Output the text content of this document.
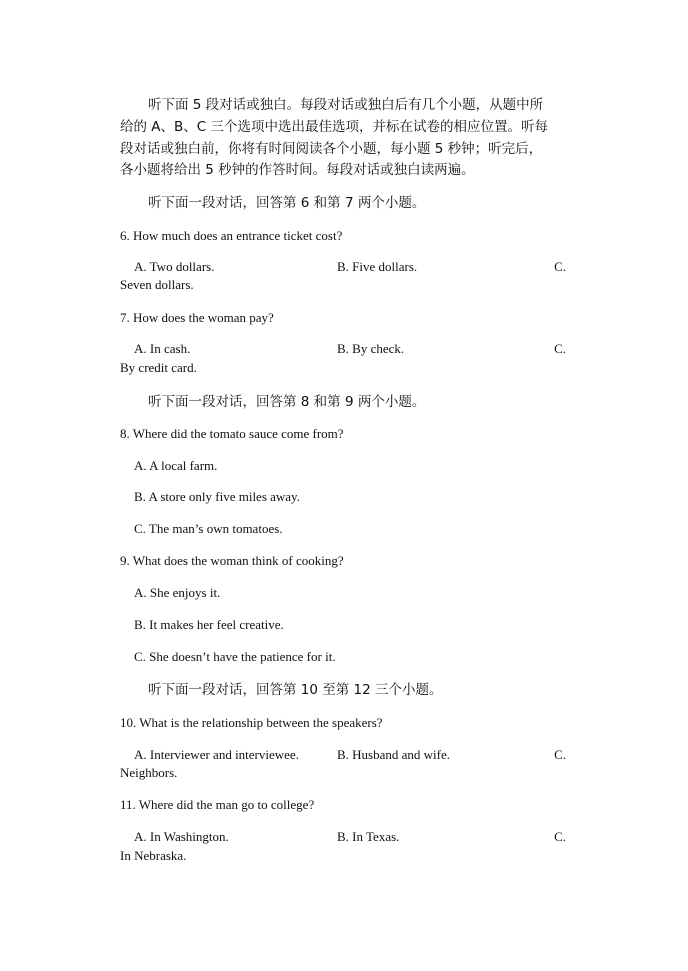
听下面 5 段对话或独白。每段对话或独白后有几个小题，从题中所
给的 A、B、C 三个选项中选出最佳选项，并标在试卷的相应位置。听每
段对话或独白前，你将有时间阅读各个小题，每小题 5 秒钟；听完后，
各小题将给出 5 秒钟的作答时间。每段对话或独白读两遍。
听下面一段对话，回答第 6 和第 7 两个小题。
6. How much does an entrance ticket cost?
A. Two dollars.	B. Five dollars.	C.
Seven dollars.
7. How does the woman pay?
A. In cash.	B. By check.	C.
By credit card.
听下面一段对话，回答第 8 和第 9 两个小题。
8. Where did the tomato sauce come from?
A. A local farm.
B. A store only five miles away.
C. The man’s own tomatoes.
9. What does the woman think of cooking?
A. She enjoys it.
B. It makes her feel creative.
C. She doesn’t have the patience for it.
听下面一段对话，回答第 10 至第 12 三个小题。
10. What is the relationship between the speakers?
A. Interviewer and interviewee.	B. Husband and wife.	C.
Neighbors.
11. Where did the man go to college?
A. In Washington.	B. In Texas.	C.
In Nebraska.
